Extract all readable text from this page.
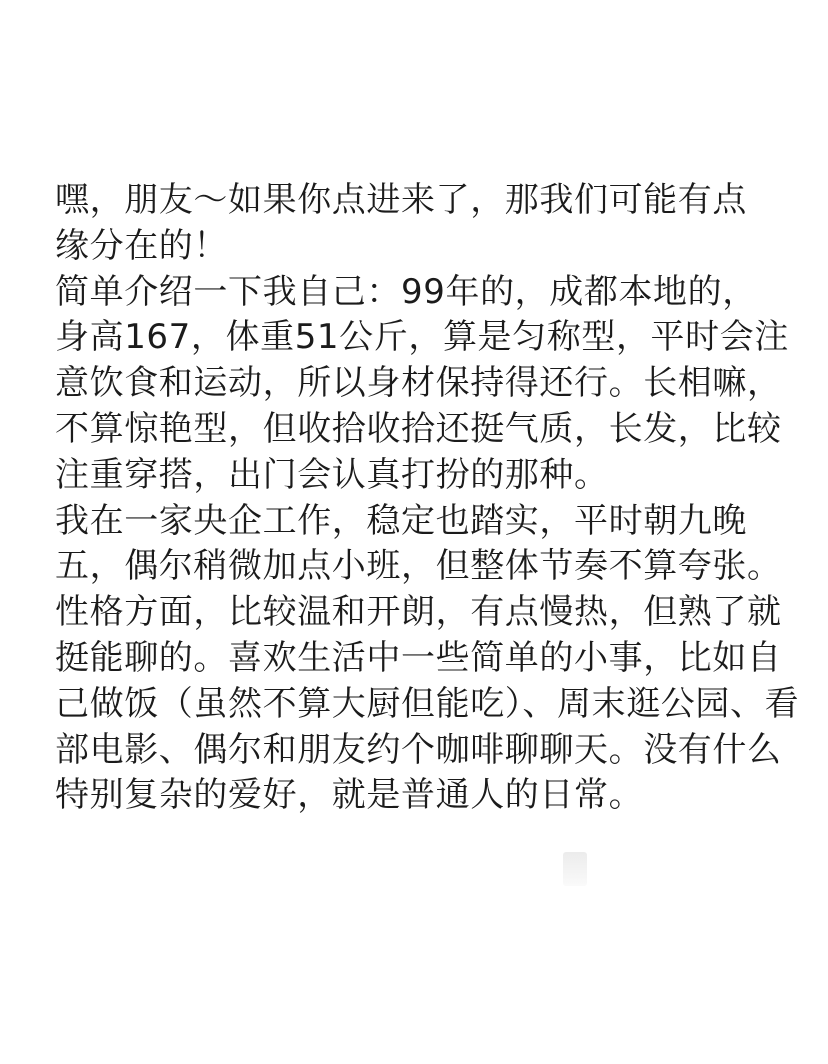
嘿，朋友～如果你点进来了，那我们可能有点
缘分在的！
简单介绍一下我自己：99年的，成都本地的，
身高167，体重51公斤，算是匀称型，平时会注
意饮食和运动，所以身材保持得还行。长相嘛，
不算惊艳型，但收拾收拾还挺气质，长发，比较
注重穿搭，出门会认真打扮的那种。
我在一家央企工作，稳定也踏实，平时朝九晚
五，偶尔稍微加点小班，但整体节奏不算夸张。
性格方面，比较温和开朗，有点慢热，但熟了就
挺能聊的。喜欢生活中一些简单的小事，比如自
己做饭（虽然不算大厨但能吃）、周末逛公园、看
部电影、偶尔和朋友约个咖啡聊聊天。没有什么
特别复杂的爱好，就是普通人的日常。
